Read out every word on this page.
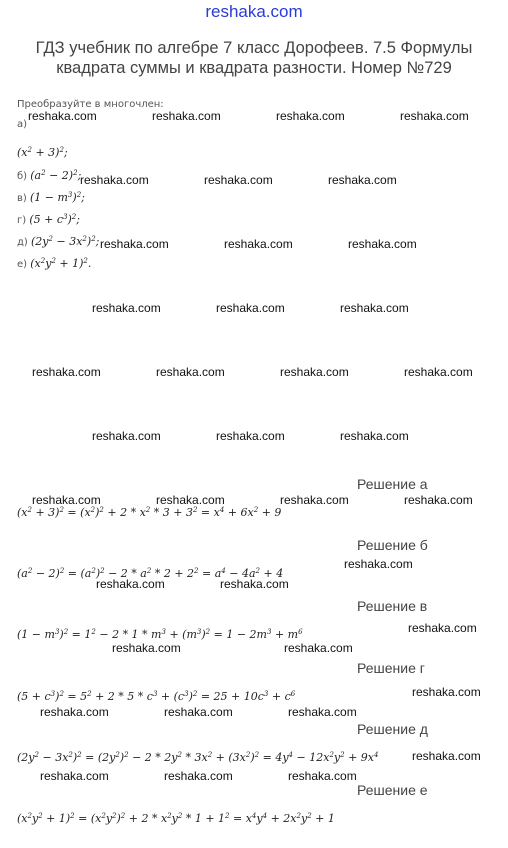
reshaka.com
ГДЗ учебник по алгебре 7 класс Дорофеев. 7.5 Формулы квадрата суммы и квадрата разности. Номер №729
Преобразуйте в многочлен:
а)
$(x^2 + 3)^2$;
б) $(a^2 - 2)^2$;
в) $(1 - m^3)^2$;
г) $(5 + c^3)^2$;
д) $(2y^2 - 3x^2)^2$;
е) $(x^2y^2 + 1)^2$.
Решение а
$(x^2 + 3)^2 = (x^2)^2 + 2 * x^2 * 3 + 3^2 = x^4 + 6x^2 + 9$
Решение б
$(a^2 - 2)^2 = (a^2)^2 - 2 * a^2 * 2 + 2^2 = a^4 - 4a^2 + 4$
Решение в
$(1 - m^3)^2 = 1^2 - 2 * 1 * m^3 + (m^3)^2 = 1 - 2m^3 + m^6$
Решение г
$(5 + c^3)^2 = 5^2 + 2 * 5 * c^3 + (c^3)^2 = 25 + 10c^3 + c^6$
Решение д
$(2y^2 - 3x^2)^2 = (2y^2)^2 - 2 * 2y^2 * 3x^2 + (3x^2)^2 = 4y^4 - 12x^2y^2 + 9x^4$
Решение е
$(x^2y^2 + 1)^2 = (x^2y^2)^2 + 2 * x^2y^2 * 1 + 1^2 = x^4y^4 + 2x^2y^2 + 1$
reshaka.com	reshaka.com	reshaka.com	reshaka.com
reshaka.com	reshaka.com	reshaka.com
reshaka.com	reshaka.com	reshaka.com
reshaka.com	reshaka.com	reshaka.com
reshaka.com	reshaka.com	reshaka.com	reshaka.com
reshaka.com	reshaka.com	reshaka.com
reshaka.com	reshaka.com	reshaka.com	reshaka.com
reshaka.com
reshaka.com	reshaka.com
reshaka.com
reshaka.com	reshaka.com
reshaka.com
reshaka.com	reshaka.com	reshaka.com
reshaka.com
reshaka.com	reshaka.com	reshaka.com
